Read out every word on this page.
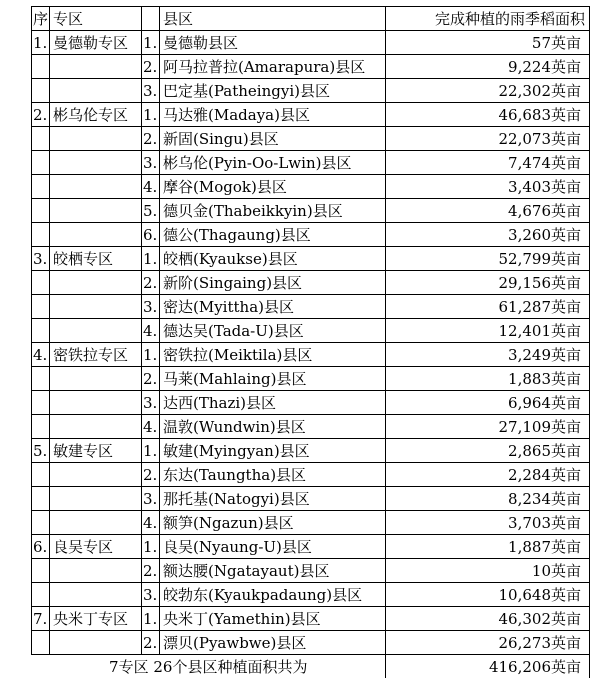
序	专区		县区	完成种植的雨季稻面积
1.	曼德勒专区	1.	曼德勒县区	57英亩
		2.	阿马拉普拉(Amarapura)县区	9,224英亩
		3.	巴定基(Patheingyi)县区	22,302英亩
2.	彬乌伦专区	1.	马达雅(Madaya)县区	46,683英亩
		2.	新固(Singu)县区	22,073英亩
		3.	彬乌伦(Pyin-Oo-Lwin)县区	7,474英亩
		4.	摩谷(Mogok)县区	3,403英亩
		5.	德贝金(Thabeikkyin)县区	4,676英亩
		6.	德公(Thagaung)县区	3,260英亩
3.	皎栖专区	1.	皎栖(Kyaukse)县区	52,799英亩
		2.	新阶(Singaing)县区	29,156英亩
		3.	密达(Myittha)县区	61,287英亩
		4.	德达吴(Tada-U)县区	12,401英亩
4.	密铁拉专区	1.	密铁拉(Meiktila)县区	3,249英亩
		2.	马莱(Mahlaing)县区	1,883英亩
		3.	达西(Thazi)县区	6,964英亩
		4.	温敦(Wundwin)县区	27,109英亩
5.	敏建专区	1.	敏建(Myingyan)县区	2,865英亩
		2.	东达(Taungtha)县区	2,284英亩
		3.	那托基(Natogyi)县区	8,234英亩
		4.	额笋(Ngazun)县区	3,703英亩
6.	良吴专区	1.	良吴(Nyaung-U)县区	1,887英亩
		2.	额达腰(Ngatayaut)县区	10英亩
		3.	皎勃东(Kyaukpadaung)县区	10,648英亩
7.	央米丁专区	1.	央米丁(Yamethin)县区	46,302英亩
		2.	漂贝(Pyawbwe)县区	26,273英亩
7专区 26个县区种植面积共为				416,206英亩
